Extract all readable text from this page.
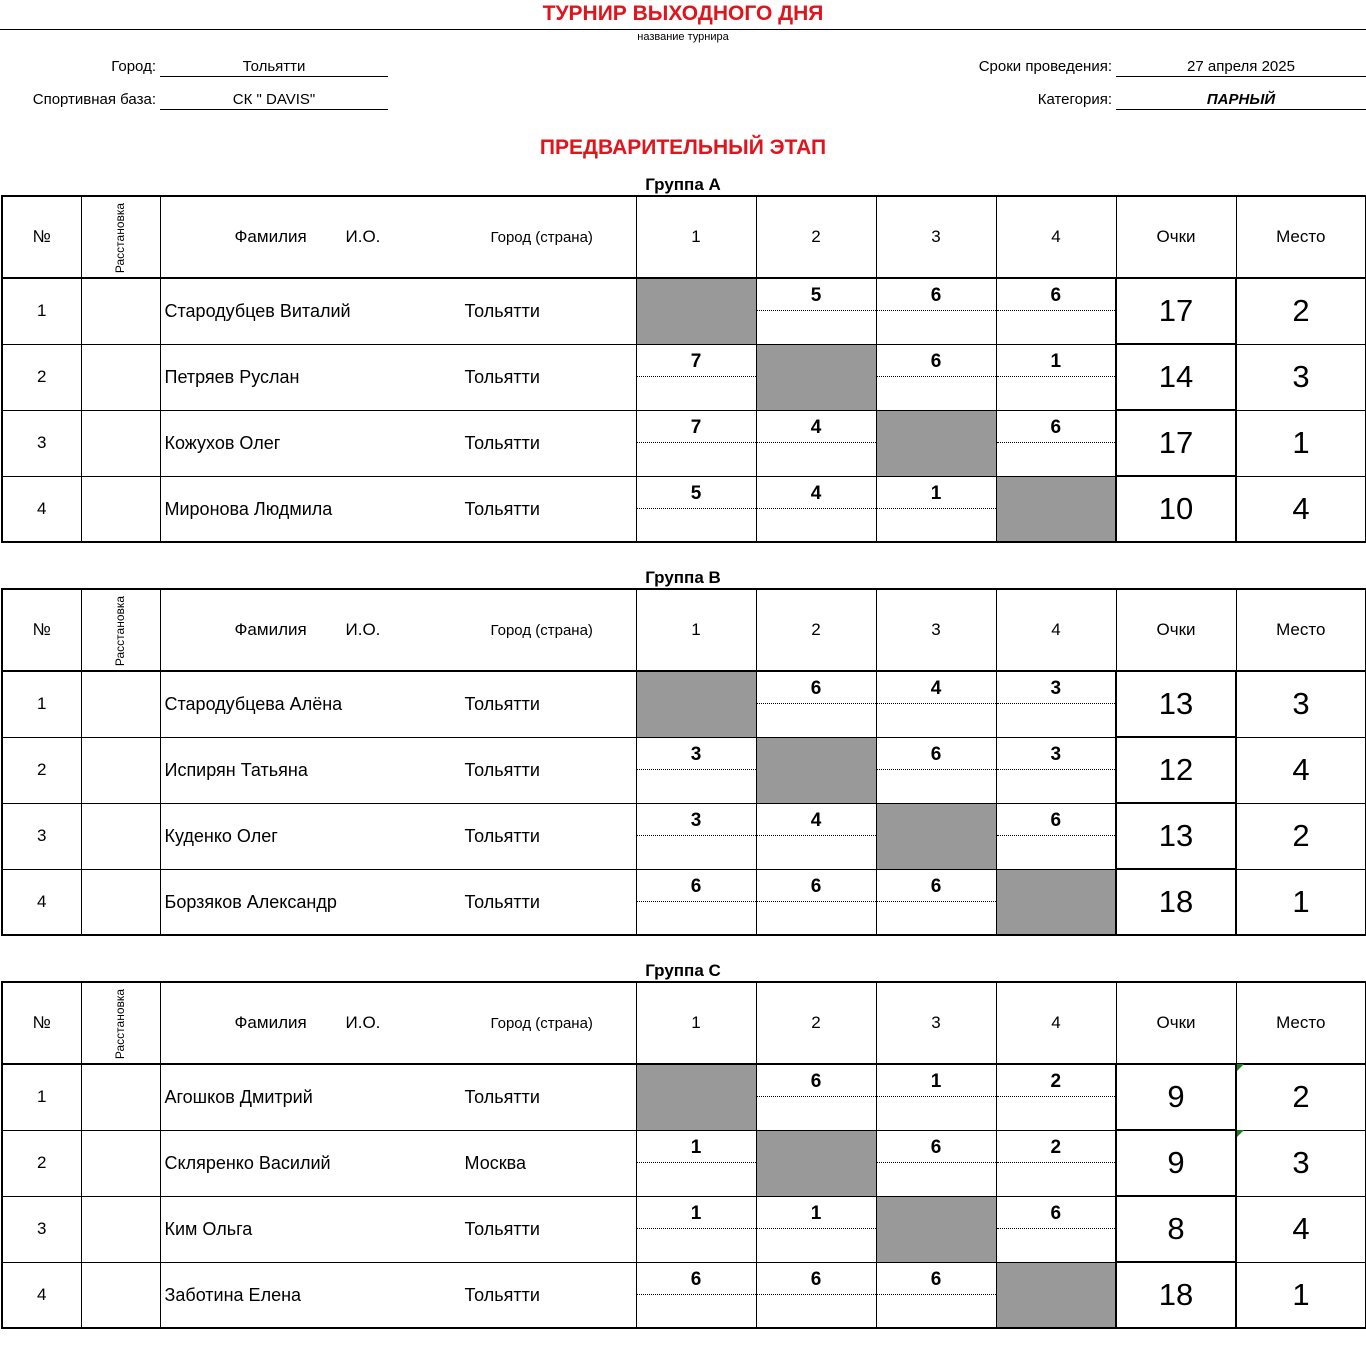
ТУРНИР ВЫХОДНОГО ДНЯ
название турнира
Город:	Тольятти
Спортивная база:	СК " DAVIS"
Сроки проведения:	27 апреля 2025
Категория:	ПАРНЫЙ
ПРЕДВАРИТЕЛЬНЫЙ ЭТАП
Группа А
№	Расстановка	Фамилия И.О. Город (страна)	1	2	3	4	Очки	Место
1		Стародубцев Виталий Тольятти		5	6	6	17	2
2		Петряев Руслан Тольятти	7		6	1	14	3
3		Кожухов Олег Тольятти	7	4		6	17	1
4		Миронова Людмила Тольятти	5	4	1		10	4
Группа В
№	Расстановка	Фамилия И.О. Город (страна)	1	2	3	4	Очки	Место
1		Стародубцева Алёна Тольятти		6	4	3	13	3
2		Испирян Татьяна Тольятти	3		6	3	12	4
3		Куденко Олег Тольятти	3	4		6	13	2
4		Борзяков Александр Тольятти	6	6	6		18	1
Группа С
№	Расстановка	Фамилия И.О. Город (страна)	1	2	3	4	Очки	Место
1		Агошков Дмитрий Тольятти		6	1	2	9	2
2		Скляренко Василий Москва	1		6	2	9	3
3		Ким Ольга Тольятти	1	1		6	8	4
4		Заботина Елена Тольятти	6	6	6		18	1
